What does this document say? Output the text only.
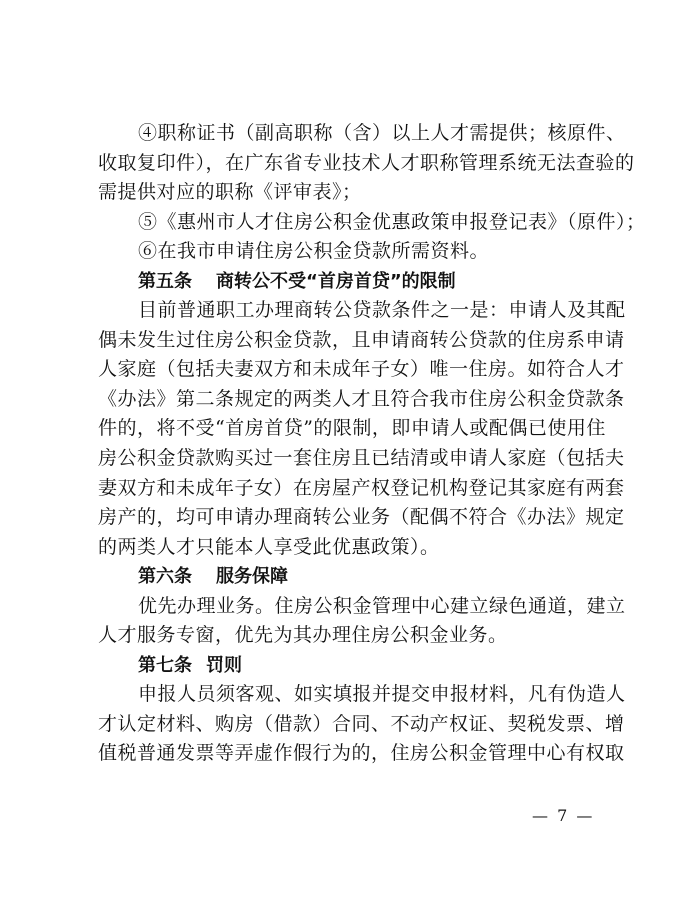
④职称证书（副高职称（含）以上人才需提供；核原件、
收取复印件），在广东省专业技术人才职称管理系统无法查验的
需提供对应的职称《评审表》；
⑤《惠州市人才住房公积金优惠政策申报登记表》（原件）；
⑥在我市申请住房公积金贷款所需资料。
第五条 商转公不受“首房首贷”的限制
目前普通职工办理商转公贷款条件之一是：申请人及其配
偶未发生过住房公积金贷款，且申请商转公贷款的住房系申请
人家庭（包括夫妻双方和未成年子女）唯一住房。如符合人才
《办法》第二条规定的两类人才且符合我市住房公积金贷款条
件的，将不受“首房首贷”的限制，即申请人或配偶已使用住
房公积金贷款购买过一套住房且已结清或申请人家庭（包括夫
妻双方和未成年子女）在房屋产权登记机构登记其家庭有两套
房产的，均可申请办理商转公业务（配偶不符合《办法》规定
的两类人才只能本人享受此优惠政策）。
第六条 服务保障
优先办理业务。住房公积金管理中心建立绿色通道，建立
人才服务专窗，优先为其办理住房公积金业务。
第七条 罚则
申报人员须客观、如实填报并提交申报材料，凡有伪造人
才认定材料、购房（借款）合同、不动产权证、契税发票、增
值税普通发票等弄虚作假行为的，住房公积金管理中心有权取
— 7 —
